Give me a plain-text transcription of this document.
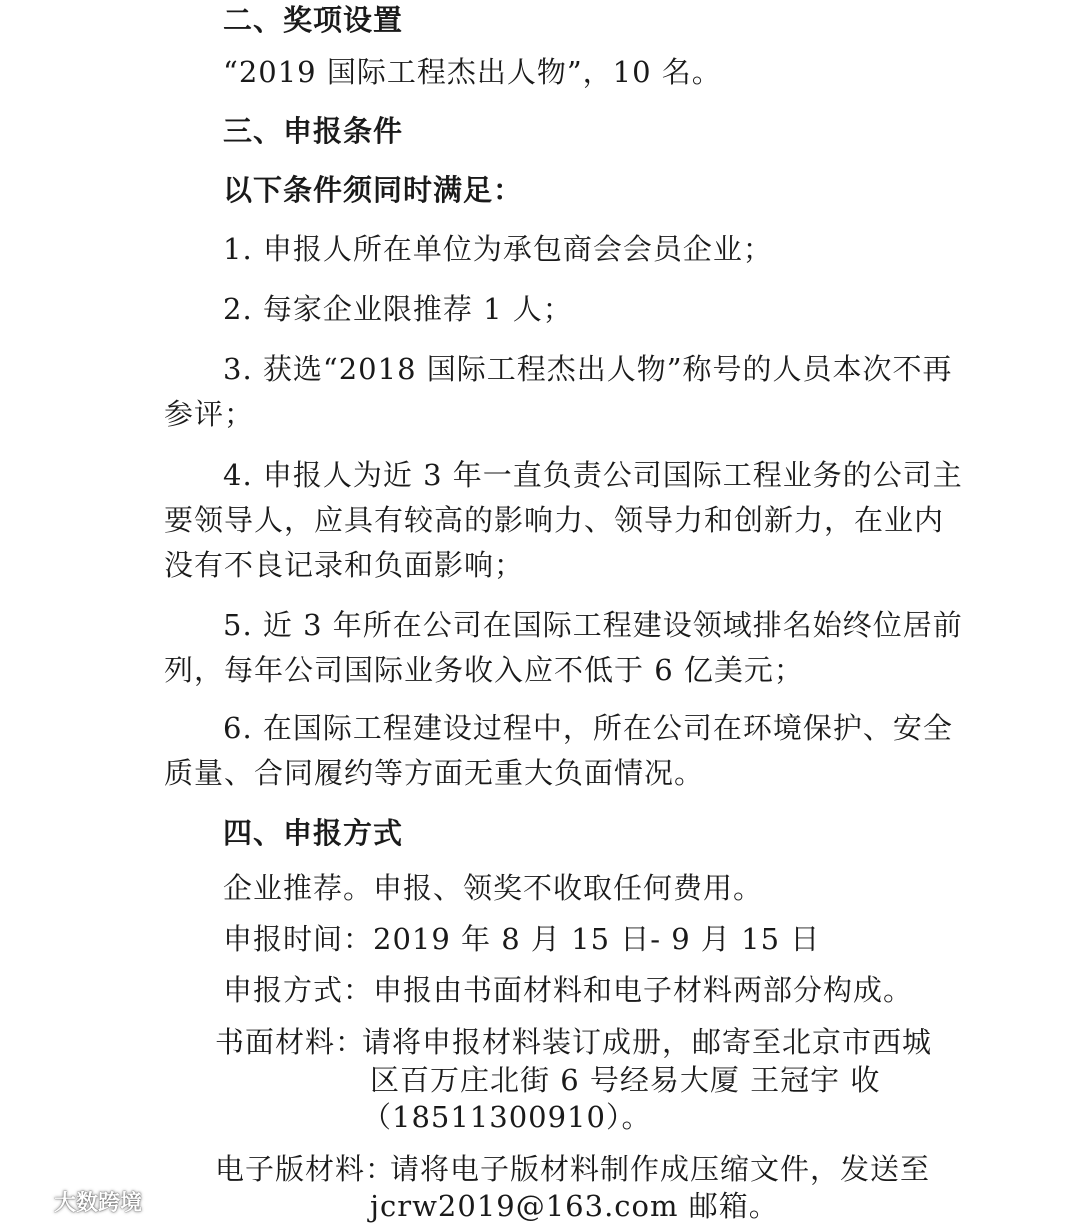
二、奖项设置
“2019 国际工程杰出人物”，10 名。
三、申报条件
以下条件须同时满足：
1. 申报人所在单位为承包商会会员企业；
2. 每家企业限推荐 1 人；
3. 获选“2018 国际工程杰出人物”称号的人员本次不再
参评；
4. 申报人为近 3 年一直负责公司国际工程业务的公司主
要领导人，应具有较高的影响力、领导力和创新力，在业内
没有不良记录和负面影响；
5. 近 3 年所在公司在国际工程建设领域排名始终位居前
列，每年公司国际业务收入应不低于 6 亿美元；
6. 在国际工程建设过程中，所在公司在环境保护、安全
质量、合同履约等方面无重大负面情况。
四、申报方式
企业推荐。申报、领奖不收取任何费用。
申报时间：2019 年 8 月 15 日- 9 月 15 日
申报方式：申报由书面材料和电子材料两部分构成。
书面材料：
请将申报材料装订成册，邮寄至北京市西城
区百万庄北街 6 号经易大厦 王冠宇 收
（18511300910）。
电子版材料：
请将电子版材料制作成压缩文件，发送至
jcrw2019@163.com 邮箱。
大数跨境
